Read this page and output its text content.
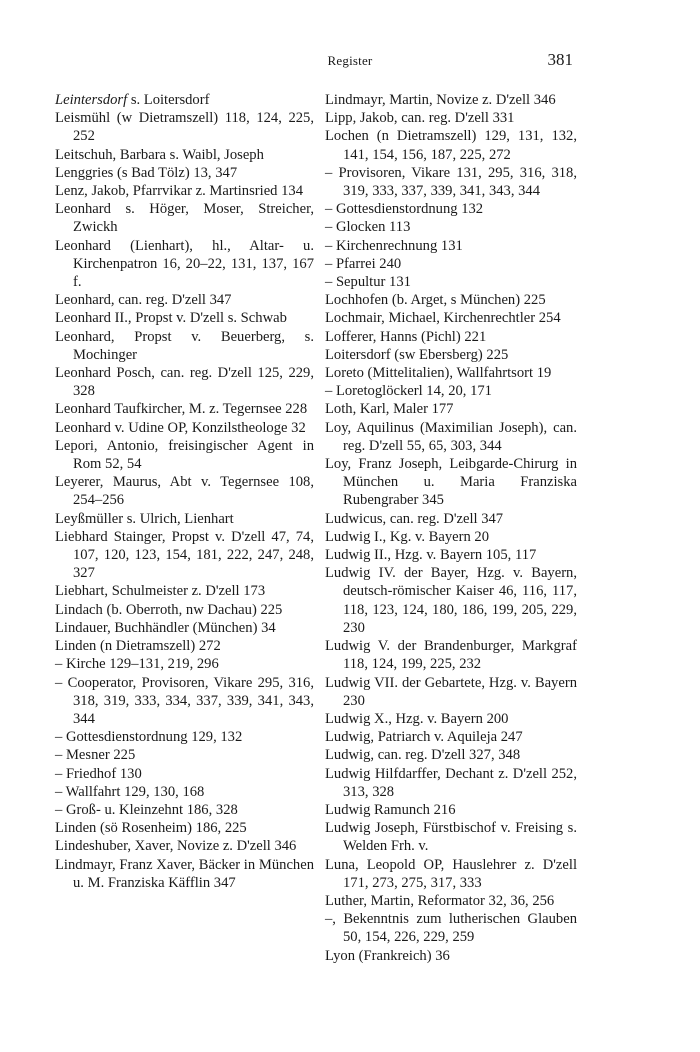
Register	381
Leintersdorf s. Loitersdorf
Leismühl (w Dietramszell) 118, 124, 225, 252
Leitschuh, Barbara s. Waibl, Joseph
Lenggries (s Bad Tölz) 13, 347
Lenz, Jakob, Pfarrvikar z. Martinsried 134
Leonhard s. Höger, Moser, Streicher, Zwickh
Leonhard (Lienhart), hl., Altar- u. Kirchenpatron 16, 20–22, 131, 137, 167 f.
Leonhard, can. reg. D'zell 347
Leonhard II., Propst v. D'zell s. Schwab
Leonhard, Propst v. Beuerberg, s. Mochinger
Leonhard Posch, can. reg. D'zell 125, 229, 328
Leonhard Taufkircher, M. z. Tegernsee 228
Leonhard v. Udine OP, Konzilstheologe 32
Lepori, Antonio, freisingischer Agent in Rom 52, 54
Leyerer, Maurus, Abt v. Tegernsee 108, 254–256
Leyßmüller s. Ulrich, Lienhart
Liebhard Stainger, Propst v. D'zell 47, 74, 107, 120, 123, 154, 181, 222, 247, 248, 327
Liebhart, Schulmeister z. D'zell 173
Lindach (b. Oberroth, nw Dachau) 225
Lindauer, Buchhändler (München) 34
Linden (n Dietramszell) 272
– Kirche 129–131, 219, 296
– Cooperator, Provisoren, Vikare 295, 316, 318, 319, 333, 334, 337, 339, 341, 343, 344
– Gottesdienstordnung 129, 132
– Mesner 225
– Friedhof 130
– Wallfahrt 129, 130, 168
– Groß- u. Kleinzehnt 186, 328
Linden (sö Rosenheim) 186, 225
Lindeshuber, Xaver, Novize z. D'zell 346
Lindmayr, Franz Xaver, Bäcker in München u. M. Franziska Käfflin 347
Lindmayr, Martin, Novize z. D'zell 346
Lipp, Jakob, can. reg. D'zell 331
Lochen (n Dietramszell) 129, 131, 132, 141, 154, 156, 187, 225, 272
– Provisoren, Vikare 131, 295, 316, 318, 319, 333, 337, 339, 341, 343, 344
– Gottesdienstordnung 132
– Glocken 113
– Kirchenrechnung 131
– Pfarrei 240
– Sepultur 131
Lochhofen (b. Arget, s München) 225
Lochmair, Michael, Kirchenrechtler 254
Lofferer, Hanns (Pichl) 221
Loitersdorf (sw Ebersberg) 225
Loreto (Mittelitalien), Wallfahrtsort 19
– Loretoglöckerl 14, 20, 171
Loth, Karl, Maler 177
Loy, Aquilinus (Maximilian Joseph), can. reg. D'zell 55, 65, 303, 344
Loy, Franz Joseph, Leibgarde-Chirurg in München u. Maria Franziska Rubengraber 345
Ludwicus, can. reg. D'zell 347
Ludwig I., Kg. v. Bayern 20
Ludwig II., Hzg. v. Bayern 105, 117
Ludwig IV. der Bayer, Hzg. v. Bayern, deutsch-römischer Kaiser 46, 116, 117, 118, 123, 124, 180, 186, 199, 205, 229, 230
Ludwig V. der Brandenburger, Markgraf 118, 124, 199, 225, 232
Ludwig VII. der Gebartete, Hzg. v. Bayern 230
Ludwig X., Hzg. v. Bayern 200
Ludwig, Patriarch v. Aquileja 247
Ludwig, can. reg. D'zell 327, 348
Ludwig Hilfdarffer, Dechant z. D'zell 252, 313, 328
Ludwig Ramunch 216
Ludwig Joseph, Fürstbischof v. Freising s. Welden Frh. v.
Luna, Leopold OP, Hauslehrer z. D'zell 171, 273, 275, 317, 333
Luther, Martin, Reformator 32, 36, 256
–, Bekenntnis zum lutherischen Glauben 50, 154, 226, 229, 259
Lyon (Frankreich) 36
